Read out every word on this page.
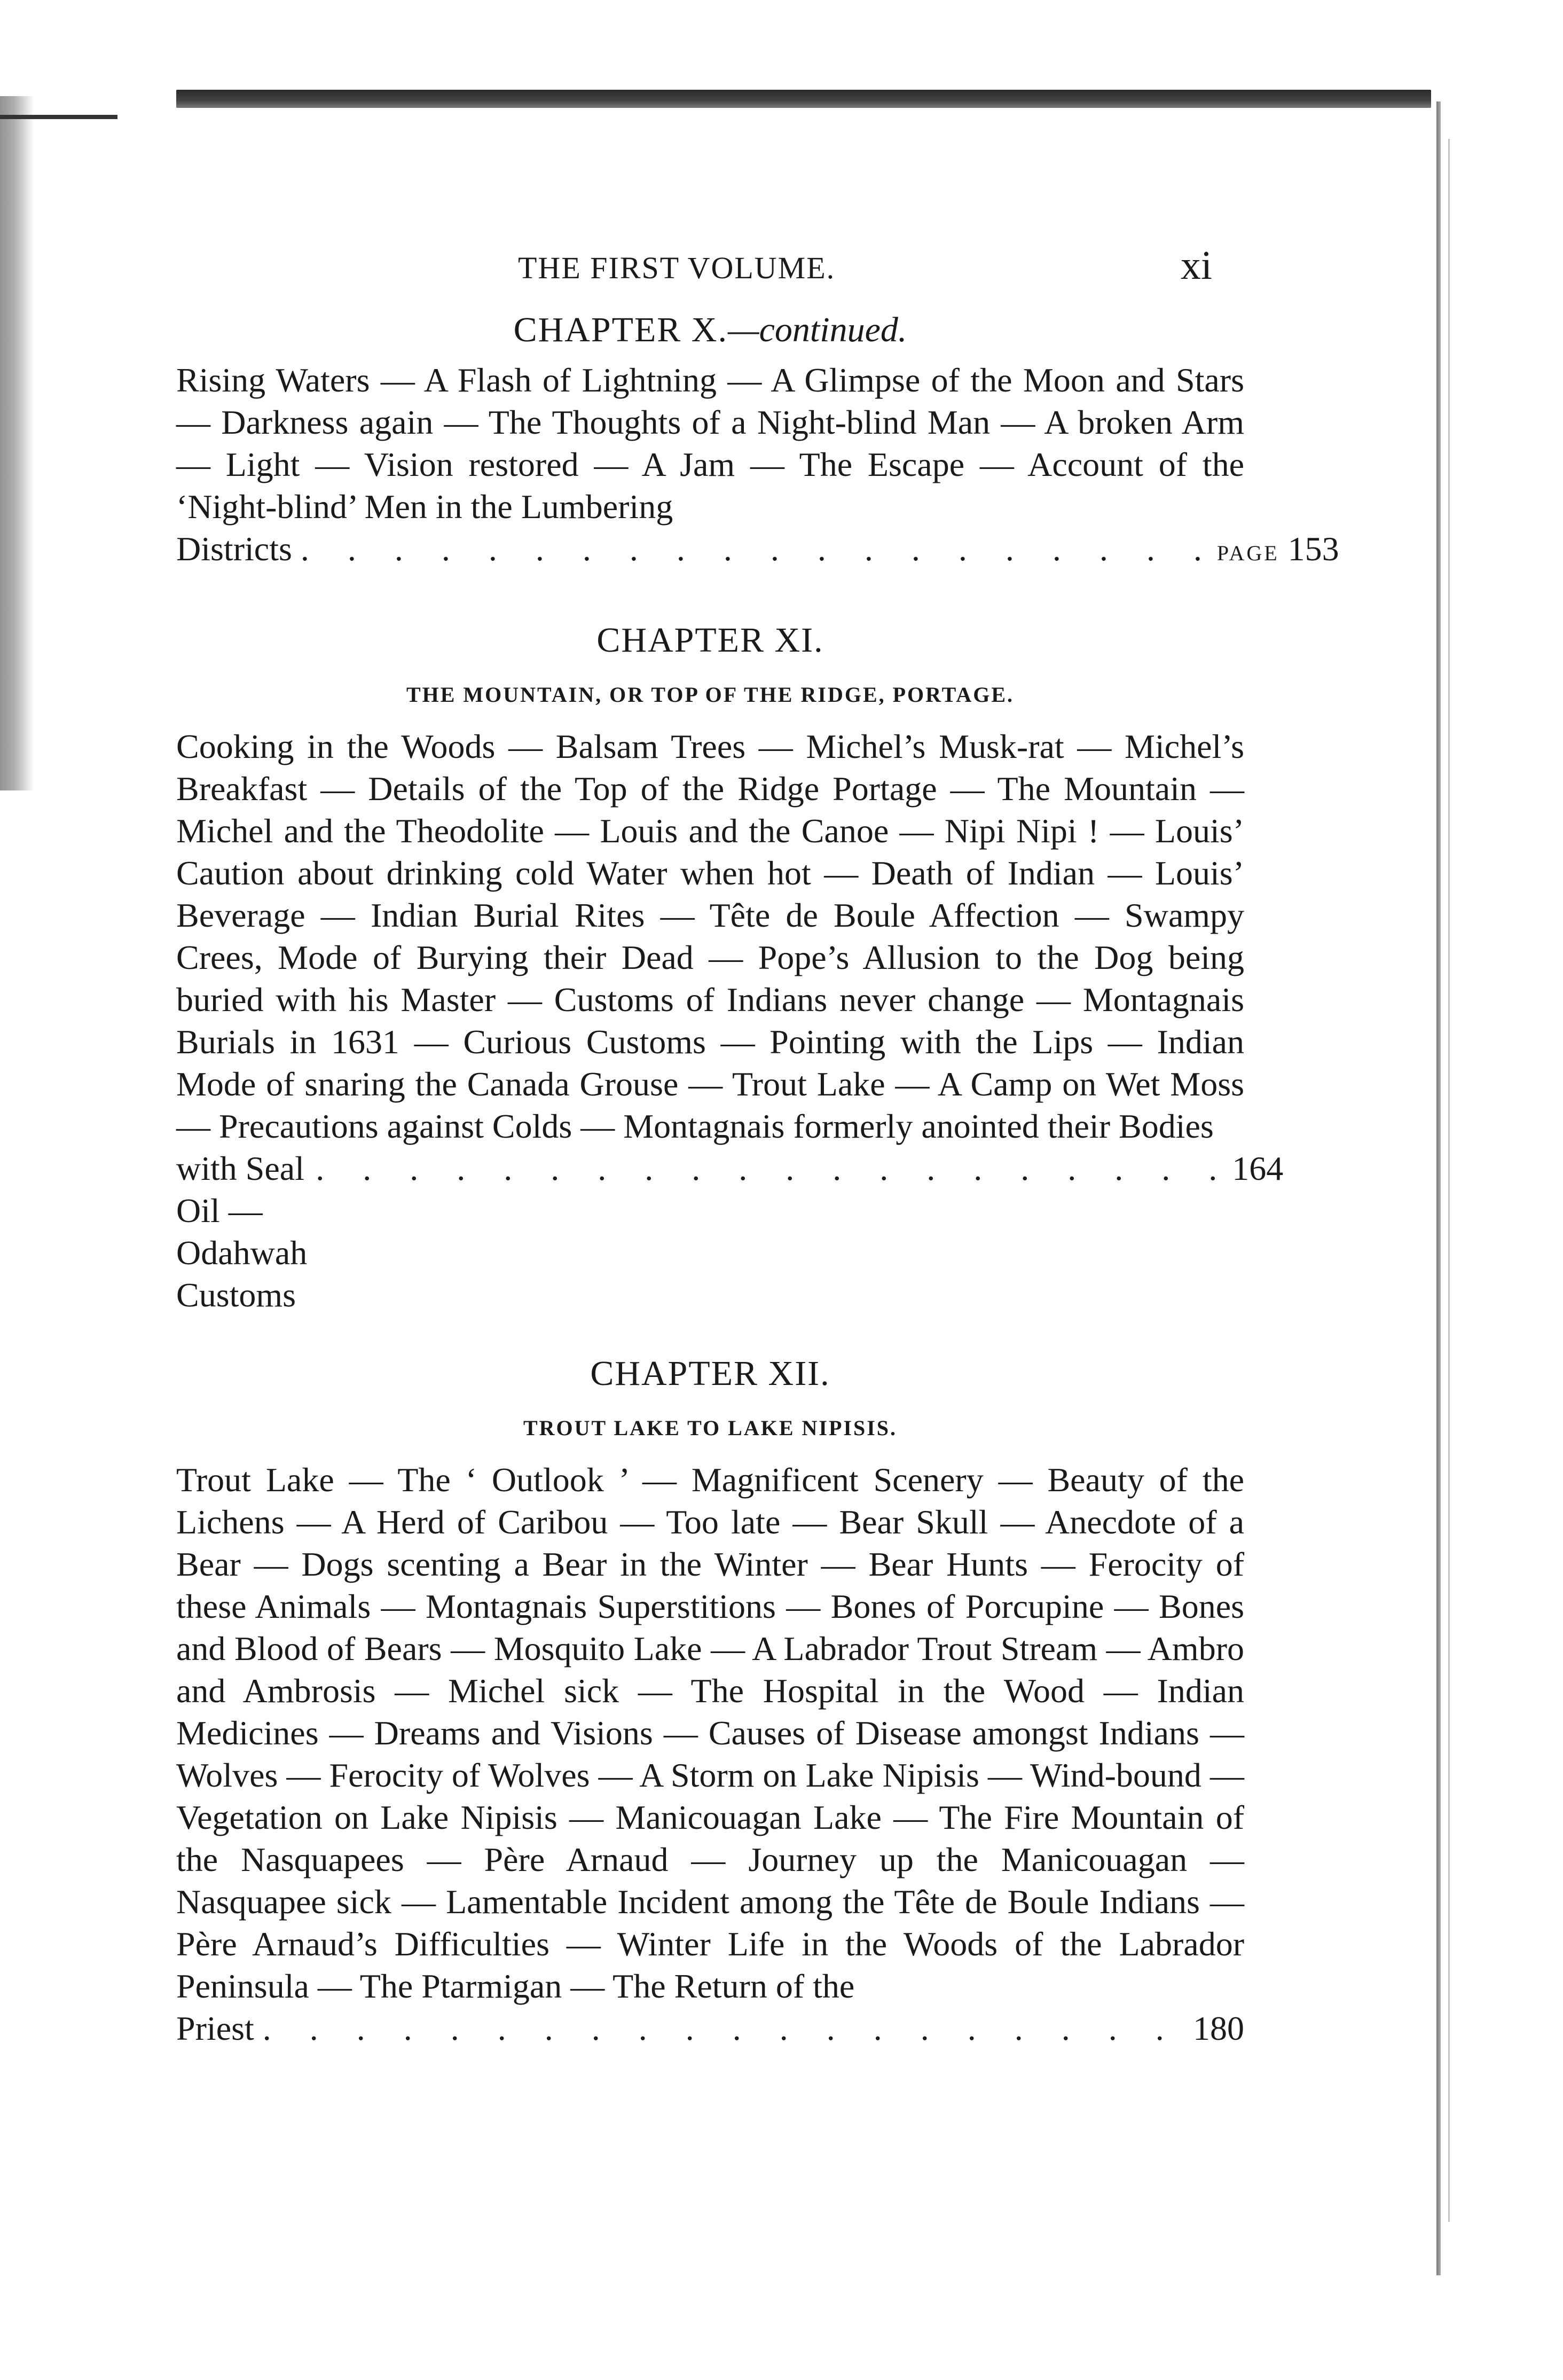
THE FIRST VOLUME.	xi

CHAPTER X.—continued.

Rising Waters — A Flash of Lightning — A Glimpse of the Moon and Stars — Darkness again — The Thoughts of a Night-blind Man — A broken Arm — Light — Vision restored — A Jam — The Escape — Account of the ‘Night-blind’ Men in the Lumbering

Districts . . . . . . . . . . . . . . . . . . . . PAGE 153

CHAPTER XI.

THE MOUNTAIN, OR TOP OF THE RIDGE, PORTAGE.

Cooking in the Woods — Balsam Trees — Michel’s Musk-rat — Michel’s Breakfast — Details of the Top of the Ridge Portage — The Mountain — Michel and the Theodolite — Louis and the Canoe — Nipi Nipi ! — Louis’ Caution about drinking cold Water when hot — Death of Indian — Louis’ Beverage — Indian Burial Rites — Tête de Boule Affection — Swampy Crees, Mode of Burying their Dead — Pope’s Allusion to the Dog being buried with his Master — Customs of Indians never change — Montagnais Burials in 1631 — Curious Customs — Pointing with the Lips — Indian Mode of snaring the Canada Grouse — Trout Lake — A Camp on Wet Moss — Precautions against Colds — Montagnais formerly anointed their Bodies

with Seal Oil — Odahwah Customs
. . . . . . . . . . . . . . . . . . . . 164

CHAPTER XII.

TROUT LAKE TO LAKE NIPISIS.

Trout Lake — The ‘ Outlook ’ — Magnificent Scenery — Beauty of the Lichens — A Herd of Caribou — Too late — Bear Skull — Anecdote of a Bear — Dogs scenting a Bear in the Winter — Bear Hunts — Ferocity of these Animals — Montagnais Superstitions — Bones of Porcupine — Bones and Blood of Bears — Mosquito Lake — A Labrador Trout Stream — Ambro and Ambrosis — Michel sick — The Hospital in the Wood — Indian Medicines — Dreams and Visions — Causes of Disease amongst Indians — Wolves — Ferocity of Wolves — A Storm on Lake Nipisis — Wind-bound — Vegetation on Lake Nipisis — Manicouagan Lake — The Fire Mountain of the Nasquapees — Père Arnaud — Journey up the Manicouagan — Nasquapee sick — Lamentable Incident among the Tête de Boule Indians — Père Arnaud’s Difficulties — Winter Life in the Woods of the Labrador Peninsula — The Ptarmigan — The Return of the

Priest . . . . . . . . . . . . . . . . . . . . 180
